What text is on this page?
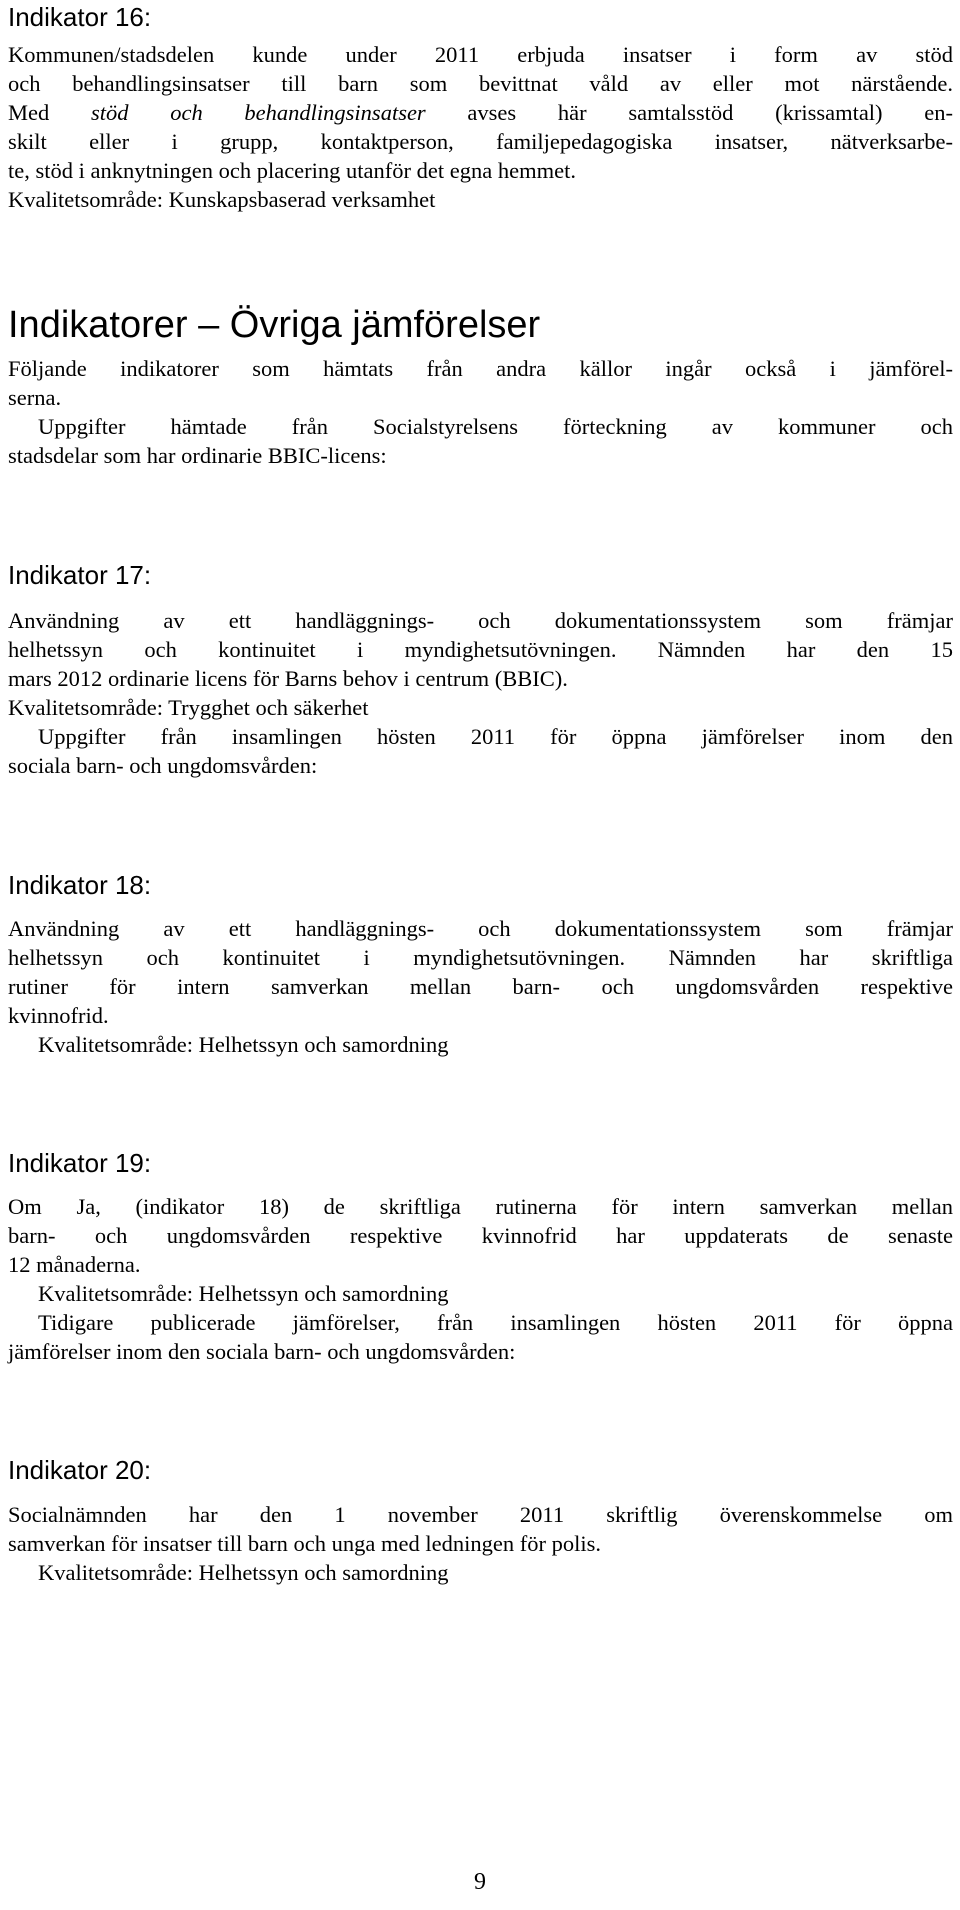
Indikator 16:
Kommunen/stadsdelen kunde under 2011 erbjuda insatser i form av stöd
och behandlingsinsatser till barn som bevittnat våld av eller mot närstående.
Med stöd och behandlingsinsatser avses här samtalsstöd (krissamtal) en-
skilt eller i grupp, kontaktperson, familjepedagogiska insatser, nätverksarbe-
te, stöd i anknytningen och placering utanför det egna hemmet.
Kvalitetsområde: Kunskapsbaserad verksamhet
Indikatorer – Övriga jämförelser
Följande indikatorer som hämtats från andra källor ingår också i jämförel-
serna.
Uppgifter hämtade från Socialstyrelsens förteckning av kommuner och
stadsdelar som har ordinarie BBIC-licens:
Indikator 17:
Användning av ett handläggnings- och dokumentationssystem som främjar
helhetssyn och kontinuitet i myndighetsutövningen. Nämnden har den 15
mars 2012 ordinarie licens för Barns behov i centrum (BBIC).
Kvalitetsområde: Trygghet och säkerhet
Uppgifter från insamlingen hösten 2011 för öppna jämförelser inom den
sociala barn- och ungdomsvården:
Indikator 18:
Användning av ett handläggnings- och dokumentationssystem som främjar
helhetssyn och kontinuitet i myndighetsutövningen. Nämnden har skriftliga
rutiner för intern samverkan mellan barn- och ungdomsvården respektive
kvinnofrid.
Kvalitetsområde: Helhetssyn och samordning
Indikator 19:
Om Ja, (indikator 18) de skriftliga rutinerna för intern samverkan mellan
barn- och ungdomsvården respektive kvinnofrid har uppdaterats de senaste
12 månaderna.
Kvalitetsområde: Helhetssyn och samordning
Tidigare publicerade jämförelser, från insamlingen hösten 2011 för öppna
jämförelser inom den sociala barn- och ungdomsvården:
Indikator 20:
Socialnämnden har den 1 november 2011 skriftlig överenskommelse om
samverkan för insatser till barn och unga med ledningen för polis.
Kvalitetsområde: Helhetssyn och samordning
9
